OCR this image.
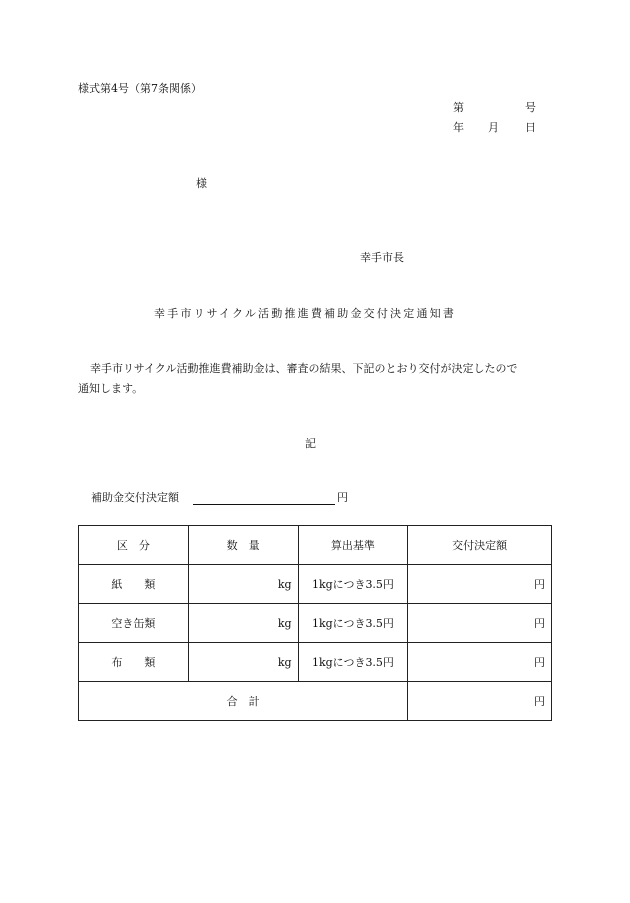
様式第4号（第7条関係）
第	号
年 月 日
様
幸手市長
幸手市リサイクル活動推進費補助金交付決定通知書
幸手市リサイクル活動推進費補助金は、審査の結果、下記のとおり交付が決定したので
通知します。
記
補助金交付決定額	円
区　分	数　量	算出基準	交付決定額
紙　　類	kg	1kgにつき3.5円	円
空き缶類	kg	1kgにつき3.5円	円
布　　類	kg	1kgにつき3.5円	円
合　計			円
